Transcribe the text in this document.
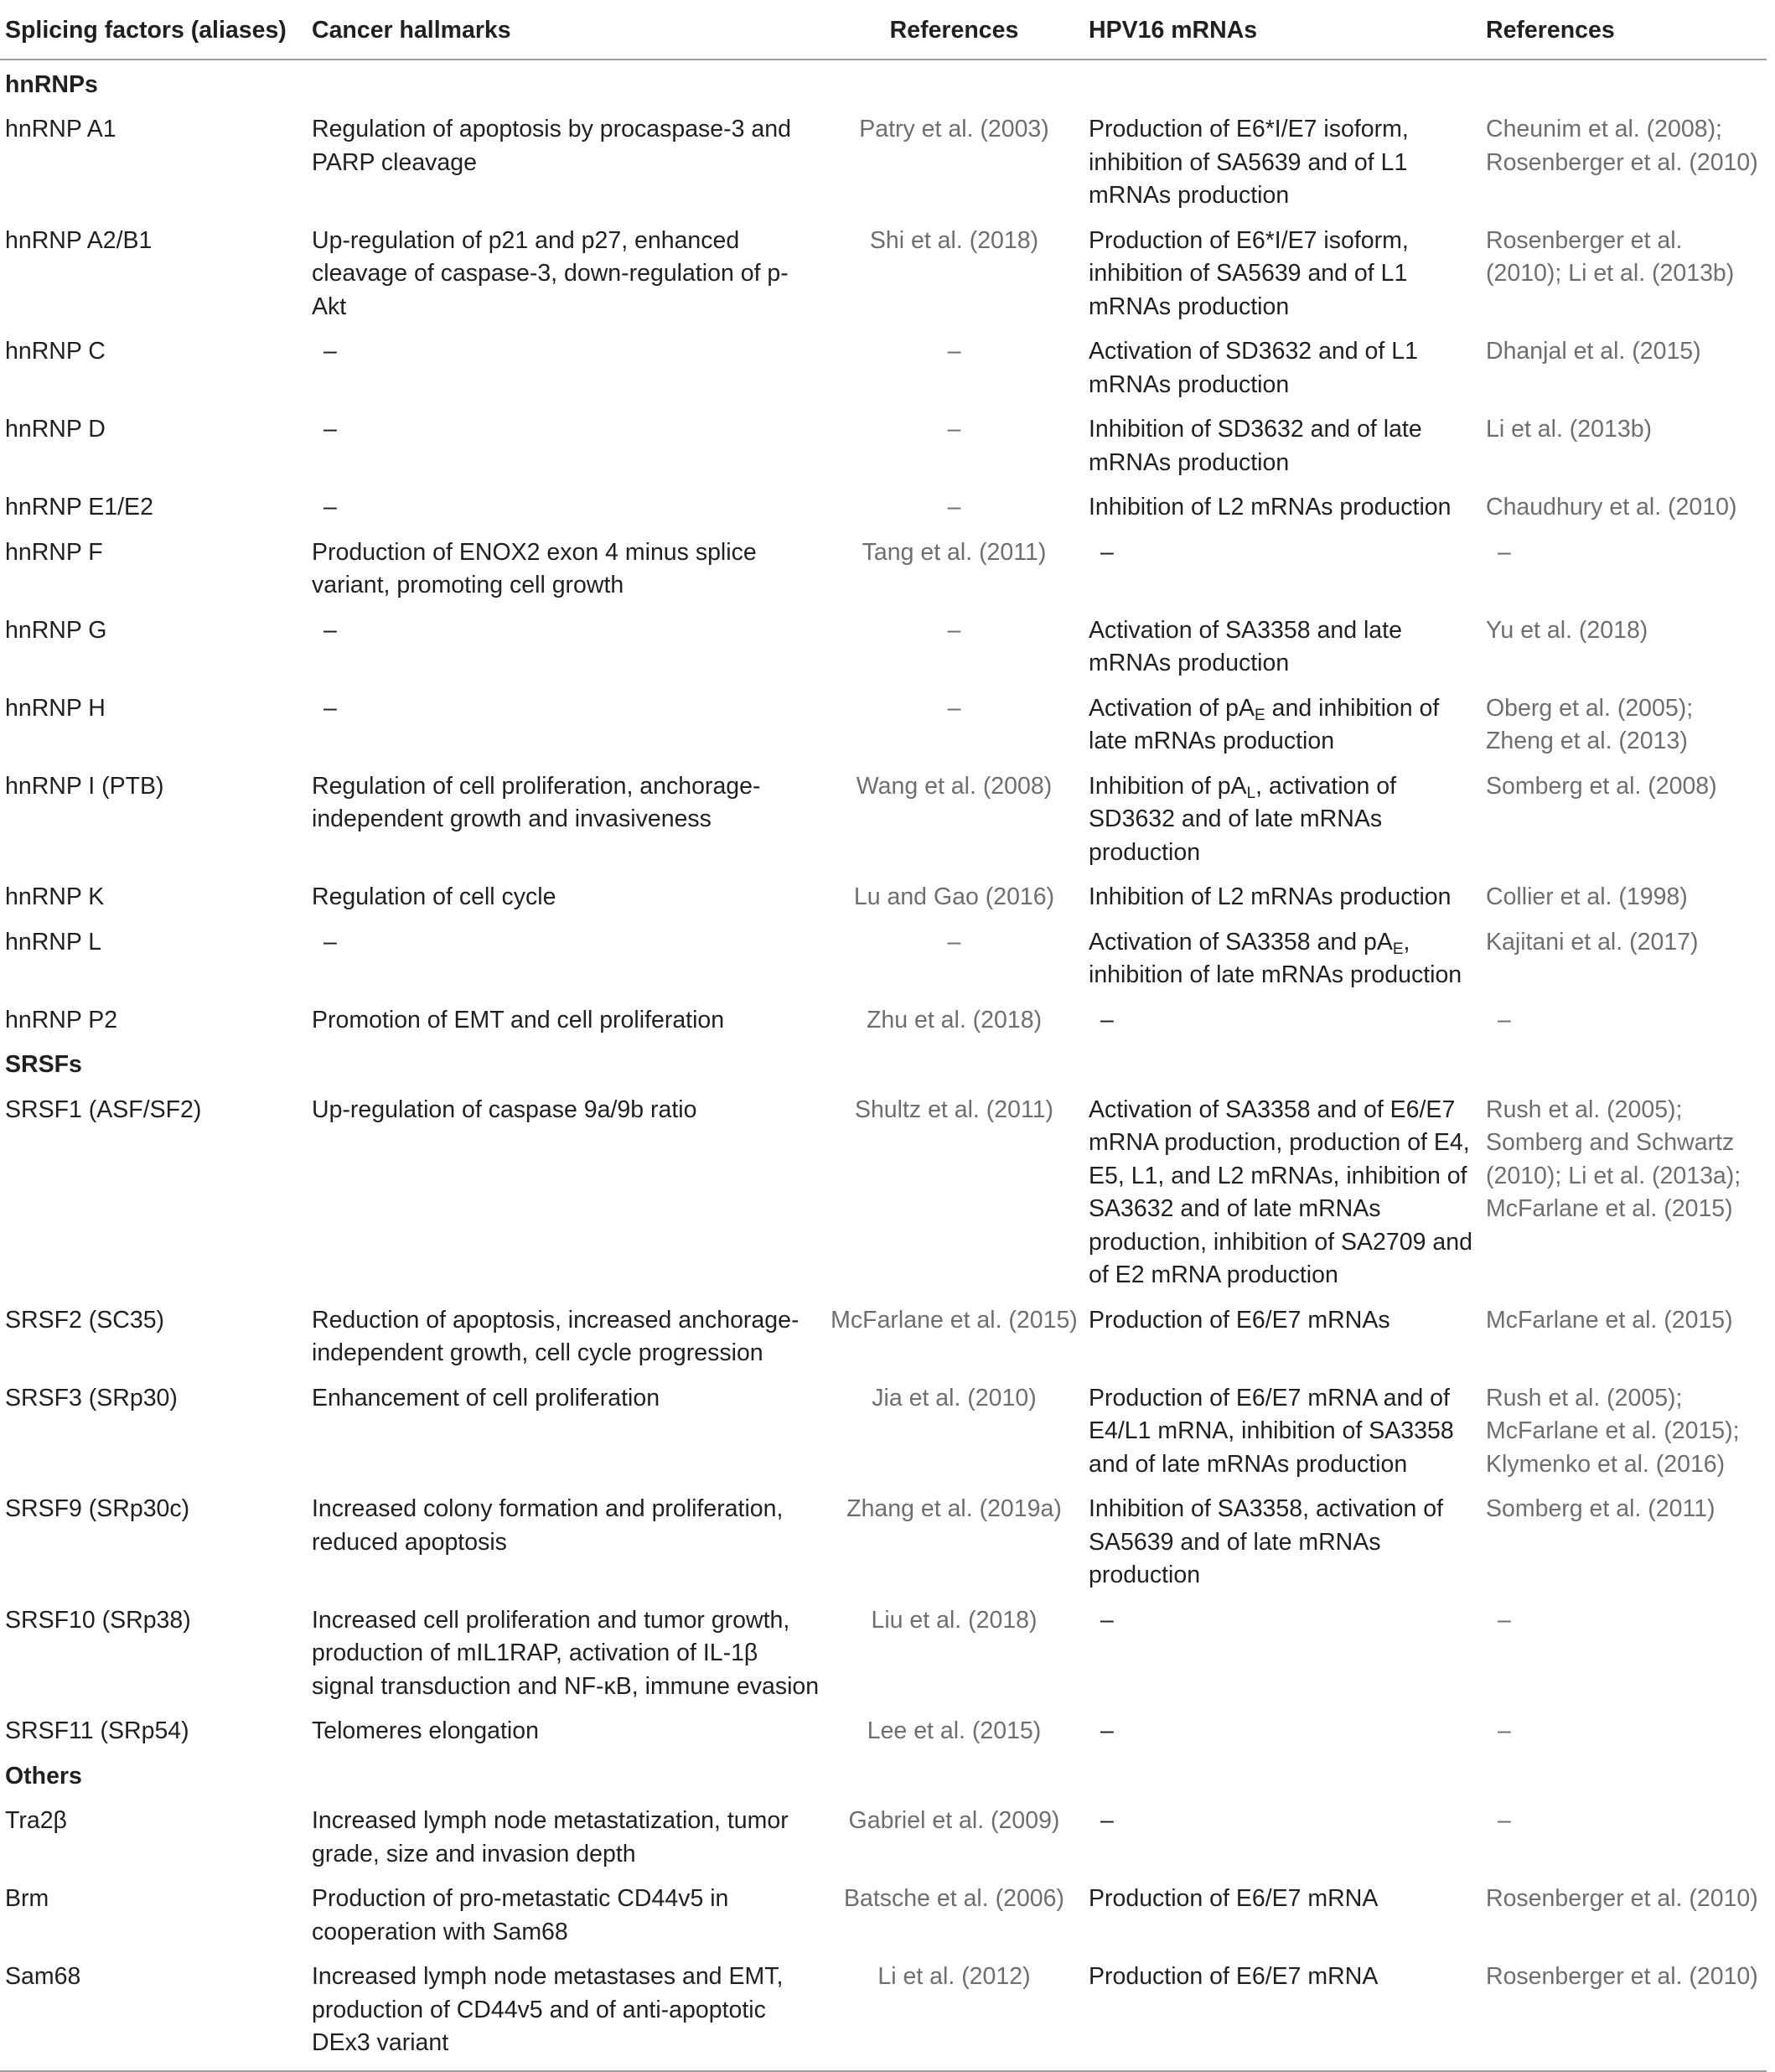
Splicing factors (aliases)	Cancer hallmarks	References	HPV16 mRNAs	References
hnRNPs				
hnRNP A1	Regulation of apoptosis by procaspase-3 and PARP cleavage	Patry et al. (2003)	Production of E6*I/E7 isoform, inhibition of SA5639 and of L1 mRNAs production	Cheunim et al. (2008); Rosenberger et al. (2010)
hnRNP A2/B1	Up-regulation of p21 and p27, enhanced cleavage of caspase-3, down-regulation of p-Akt	Shi et al. (2018)	Production of E6*I/E7 isoform, inhibition of SA5639 and of L1 mRNAs production	Rosenberger et al. (2010); Li et al. (2013b)
hnRNP C	–	–	Activation of SD3632 and of L1 mRNAs production	Dhanjal et al. (2015)
hnRNP D	–	–	Inhibition of SD3632 and of late mRNAs production	Li et al. (2013b)
hnRNP E1/E2	–	–	Inhibition of L2 mRNAs production	Chaudhury et al. (2010)
hnRNP F	Production of ENOX2 exon 4 minus splice variant, promoting cell growth	Tang et al. (2011)	–	–
hnRNP G	–	–	Activation of SA3358 and late mRNAs production	Yu et al. (2018)
hnRNP H	–	–	Activation of $pA_E$ and inhibition of late mRNAs production	Oberg et al. (2005); Zheng et al. (2013)
hnRNP I (PTB)	Regulation of cell proliferation, anchorage-independent growth and invasiveness	Wang et al. (2008)	Inhibition of $pA_L$, activation of SD3632 and of late mRNAs production	Somberg et al. (2008)
hnRNP K	Regulation of cell cycle	Lu and Gao (2016)	Inhibition of L2 mRNAs production	Collier et al. (1998)
hnRNP L	–	–	Activation of SA3358 and $pA_E$, inhibition of late mRNAs production	Kajitani et al. (2017)
hnRNP P2	Promotion of EMT and cell proliferation	Zhu et al. (2018)	–	–
SRSFs				
SRSF1 (ASF/SF2)	Up-regulation of caspase 9a/9b ratio	Shultz et al. (2011)	Activation of SA3358 and of E6/E7 mRNA production, production of E4, E5, L1, and L2 mRNAs, inhibition of SA3632 and of late mRNAs production, inhibition of SA2709 and of E2 mRNA production	Rush et al. (2005); Somberg and Schwartz (2010); Li et al. (2013a); McFarlane et al. (2015)
SRSF2 (SC35)	Reduction of apoptosis, increased anchorage-independent growth, cell cycle progression	McFarlane et al. (2015)	Production of E6/E7 mRNAs	McFarlane et al. (2015)
SRSF3 (SRp30)	Enhancement of cell proliferation	Jia et al. (2010)	Production of E6/E7 mRNA and of E4/L1 mRNA, inhibition of SA3358 and of late mRNAs production	Rush et al. (2005); McFarlane et al. (2015); Klymenko et al. (2016)
SRSF9 (SRp30c)	Increased colony formation and proliferation, reduced apoptosis	Zhang et al. (2019a)	Inhibition of SA3358, activation of SA5639 and of late mRNAs production	Somberg et al. (2011)
SRSF10 (SRp38)	Increased cell proliferation and tumor growth, production of mIL1RAP, activation of IL-1β signal transduction and NF-κB, immune evasion	Liu et al. (2018)	–	–
SRSF11 (SRp54)	Telomeres elongation	Lee et al. (2015)	–	–
Others				
Tra2β	Increased lymph node metastatization, tumor grade, size and invasion depth	Gabriel et al. (2009)	–	–
Brm	Production of pro-metastatic CD44v5 in cooperation with Sam68	Batsche et al. (2006)	Production of E6/E7 mRNA	Rosenberger et al. (2010)
Sam68	Increased lymph node metastases and EMT, production of CD44v5 and of anti-apoptotic DEx3 variant	Li et al. (2012)	Production of E6/E7 mRNA	Rosenberger et al. (2010)
